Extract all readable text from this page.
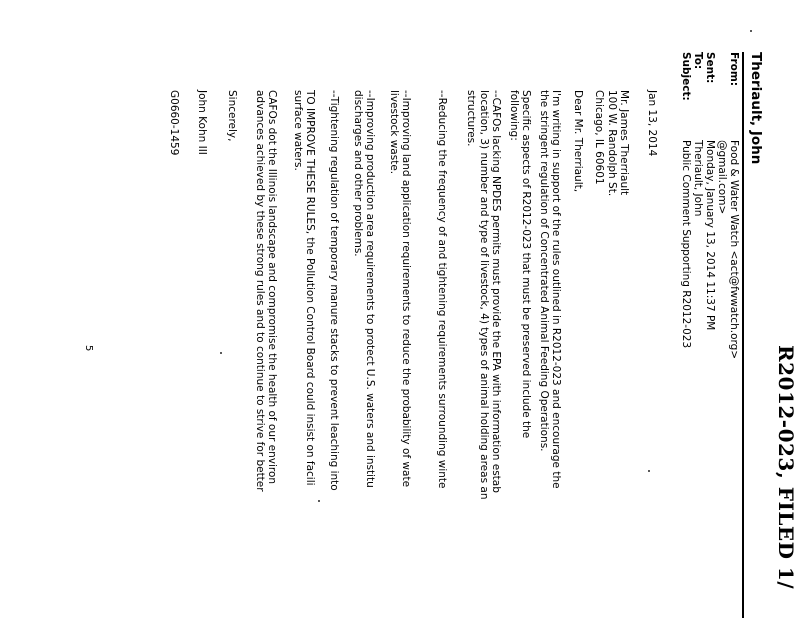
R2012-023, FILED 1/
Theriault, John
From:
Food & Water Watch <act@fwwatch.org>
@gmail.com>
Sent:
Monday, January 13, 2014 11:37 PM
To:
Theriault, John
Subject:
Public Comment Supporting R2012-023
Jan 13, 2014
Mr. James Therriault
100 W. Randolph St.
Chicago, IL 60601
Dear Mr. Therriault,
I'm writing in support of the rules outlined in R2012-023 and encourage the
the stringent regulation of Concentrated Animal Feeding Operations.
Specific aspects of R2012-023 that must be preserved include the
following:
--CAFOs lacking NPDES permits must provide the EPA with information estab
location, 3) number and type of livestock, 4) types of animal holding areas an
structures.
--Reducing the frequency of and tightening requirements surrounding winte
--Improving land application requirements to reduce the probability of wate
livestock waste.
--Improving production area requirements to protect U.S. waters and institu
discharges and other problems.
--Tightening regulation of temporary manure stacks to prevent leaching into
TO IMPROVE THESE RULES, the Pollution Control Board could insist on facili
surface waters.
CAFOs dot the Illinois landscape and compromise the health of our environ
advances achieved by these strong rules and to continue to strive for better
Sincerely,
John Kohn III
G0660-1459
5
